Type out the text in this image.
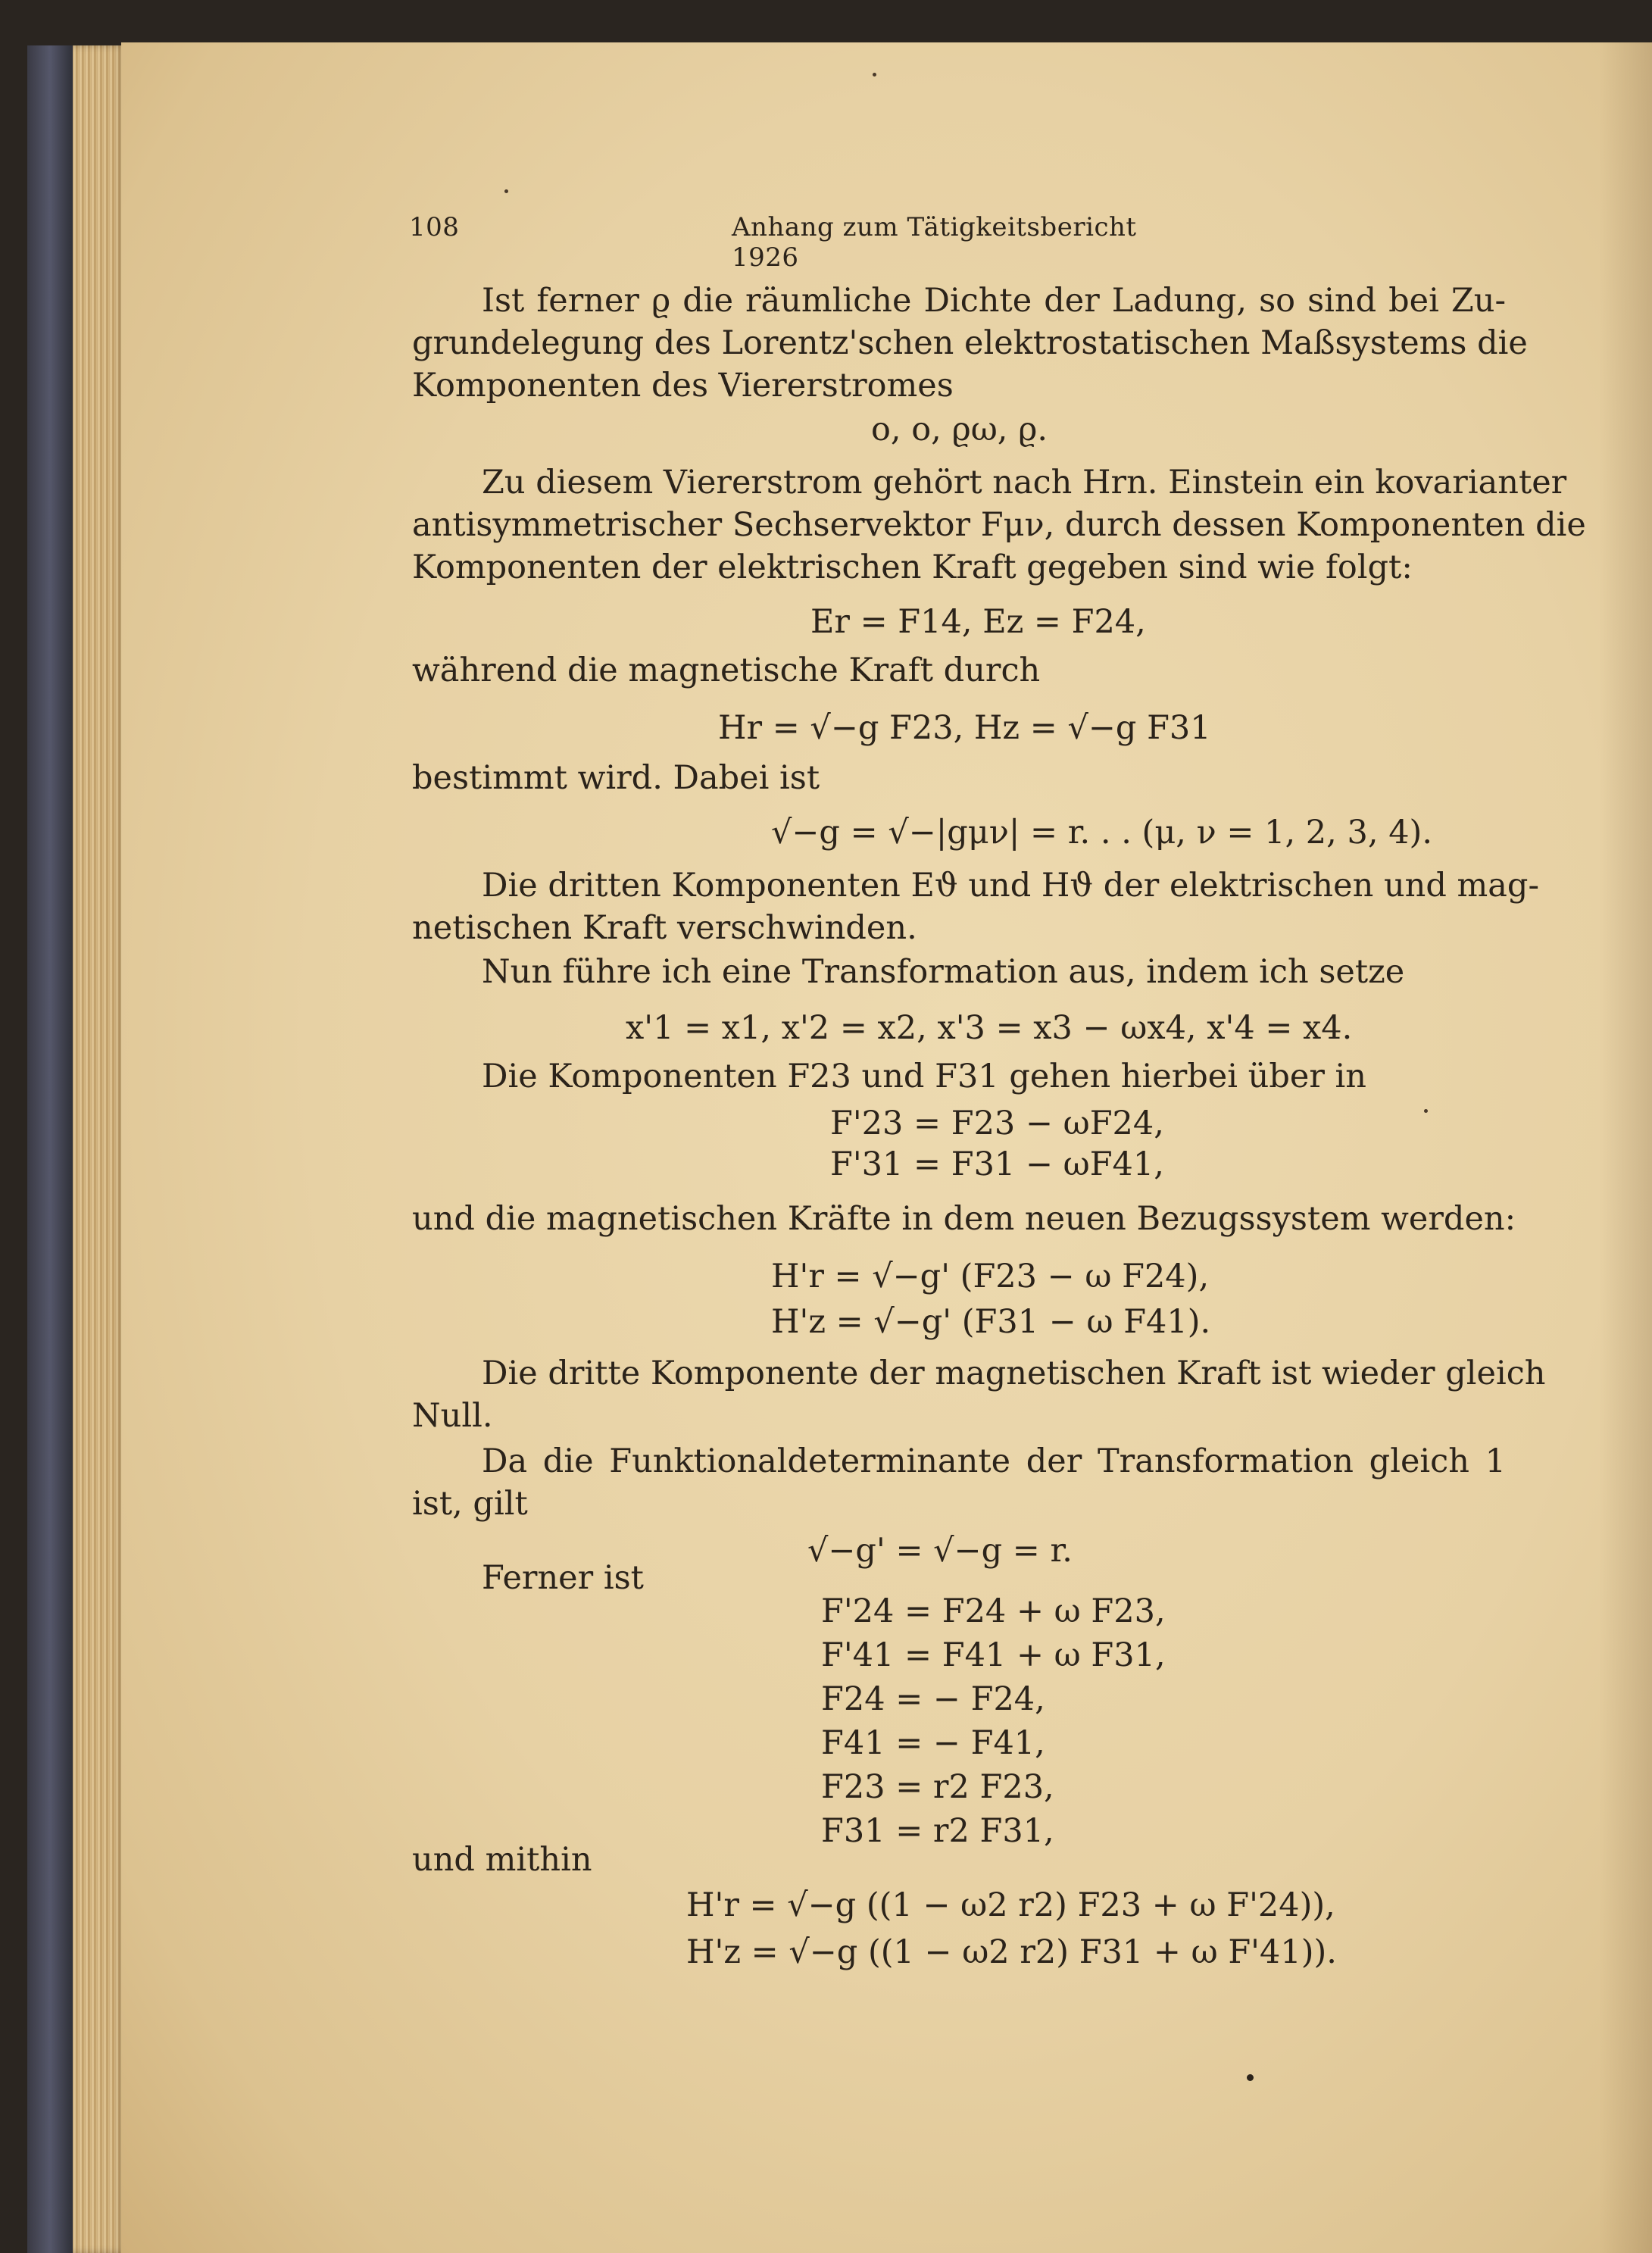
108	Anhang zum Tätigkeitsbericht 1926
Ist ferner ϱ die räumliche Dichte der Ladung, so sind bei Zu-
grundelegung des Lorentz'schen elektrostatischen Maßsystems die
Komponenten des Viererstromes
o, o, ϱω, ϱ.
Zu diesem Viererstrom gehört nach Hrn. Einstein ein kovarianter
antisymmetrischer Sechservektor Fμν, durch dessen Komponenten die
Komponenten der elektrischen Kraft gegeben sind wie folgt:
Er = F14, Ez = F24,
während die magnetische Kraft durch
Hr = √−g F23, Hz = √−g F31
bestimmt wird. Dabei ist
√−g = √−|gμν| = r. . . (μ, ν = 1, 2, 3, 4).
Die dritten Komponenten Eϑ und Hϑ der elektrischen und mag-
netischen Kraft verschwinden.
Nun führe ich eine Transformation aus, indem ich setze
x'1 = x1, x'2 = x2, x'3 = x3 − ωx4, x'4 = x4.
Die Komponenten F23 und F31 gehen hierbei über in
F'23 = F23 − ωF24,
F'31 = F31 − ωF41,
und die magnetischen Kräfte in dem neuen Bezugssystem werden:
H'r = √−g' (F23 − ω F24),
H'z = √−g' (F31 − ω F41).
Die dritte Komponente der magnetischen Kraft ist wieder gleich
Null.
Da die Funktionaldeterminante der Transformation gleich 1
ist, gilt
√−g' = √−g = r.
Ferner ist
F'24 = F24 + ω F23,
F'41 = F41 + ω F31,
F24 = − F24,
F41 = − F41,
F23 = r2 F23,
F31 = r2 F31,
und mithin
H'r = √−g ((1 − ω2 r2) F23 + ω F'24)),
H'z = √−g ((1 − ω2 r2) F31 + ω F'41)).
